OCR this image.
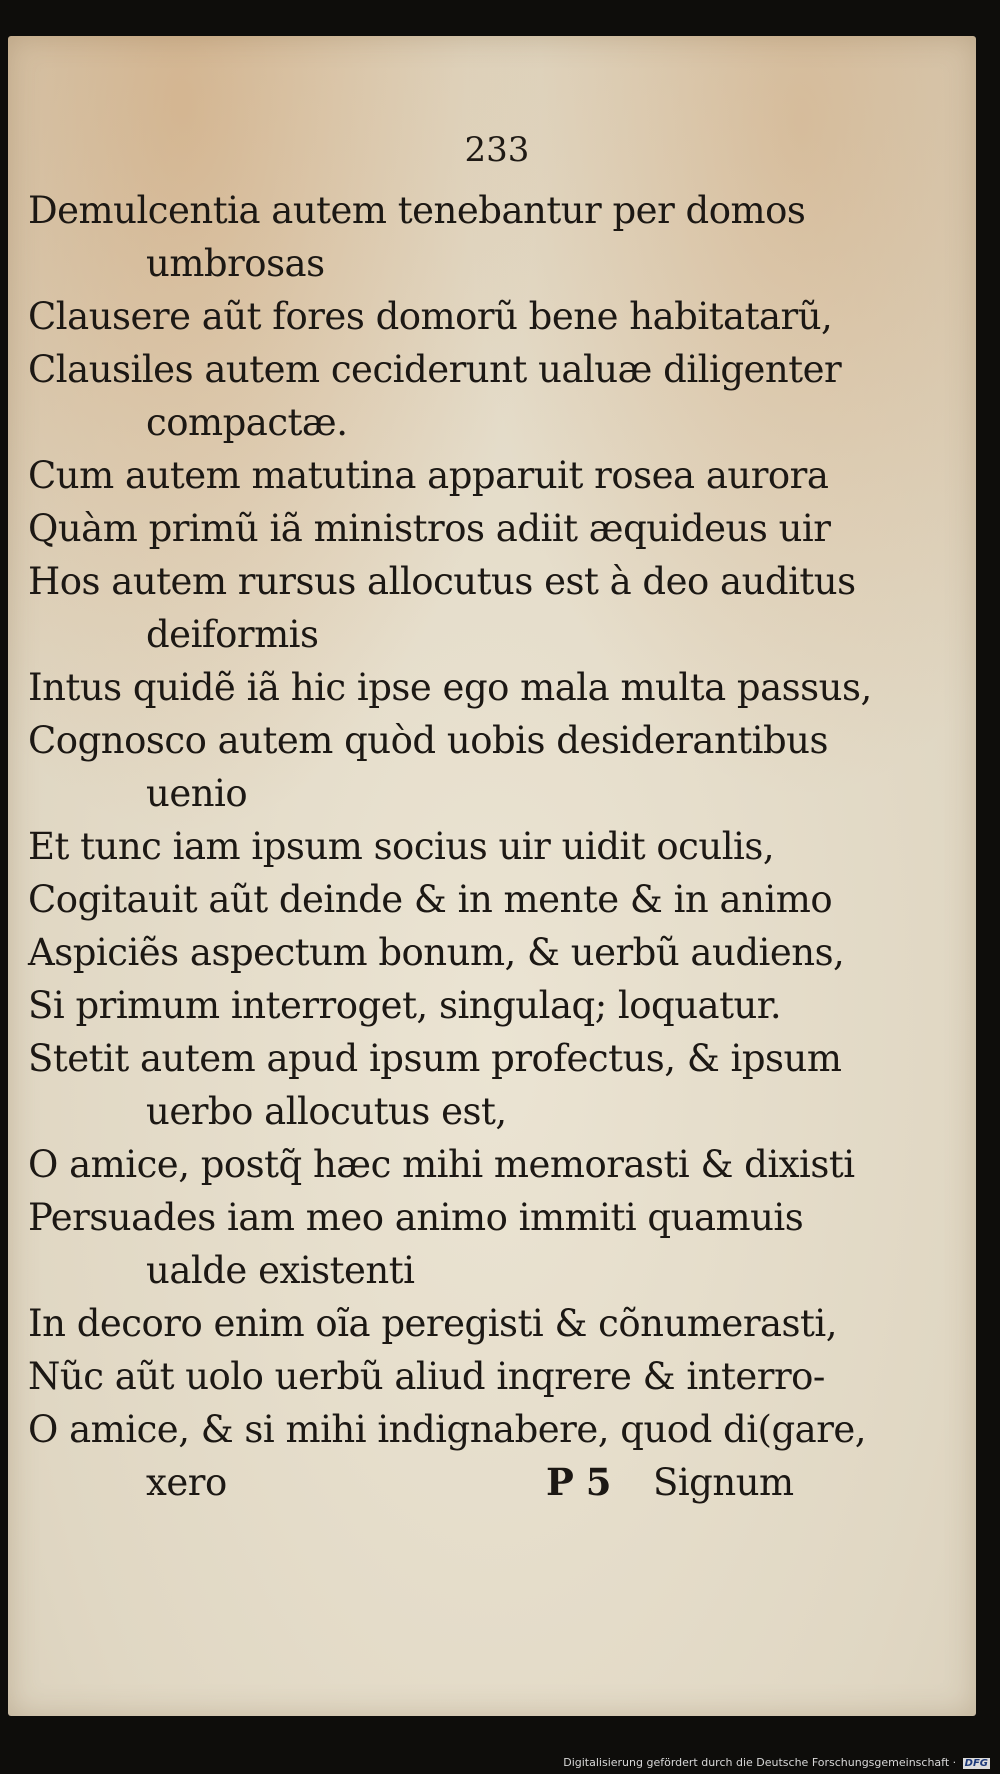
233
Demulcentia autem tenebantur per domos
umbrosas
Clausere aũt fores domorũ bene habitatarũ,
Clausiles autem ceciderunt ualuæ diligenter
compactæ.
Cum autem matutina apparuit rosea aurora
Quàm primũ iã ministros adiit æquideus uir
Hos autem rursus allocutus est à deo auditus
deiformis
Intus quidẽ iã hic ipse ego mala multa passus,
Cognosco autem quòd uobis desiderantibus
uenio
Et tunc iam ipsum socius uir uidit oculis,
Cogitauit aũt deinde & in mente & in animo
Aspiciẽs aspectum bonum, & uerbũ audiens,
Si primum interroget, singulaq; loquatur.
Stetit autem apud ipsum profectus, & ipsum
uerbo allocutus est,
O amice, postq̃ hæc mihi memorasti & dixisti
Persuades iam meo animo immiti quamuis
ualde existenti
In decoro enim oĩa peregisti & cõnumerasti,
Nũc aũt uolo uerbũ aliud inqrere & interro-
O amice, & si mihi indignabere, quod di(gare,
xero	P 5 Signum
Digitalisierung gefördert durch die Deutsche Forschungsgemeinschaft · DFG
